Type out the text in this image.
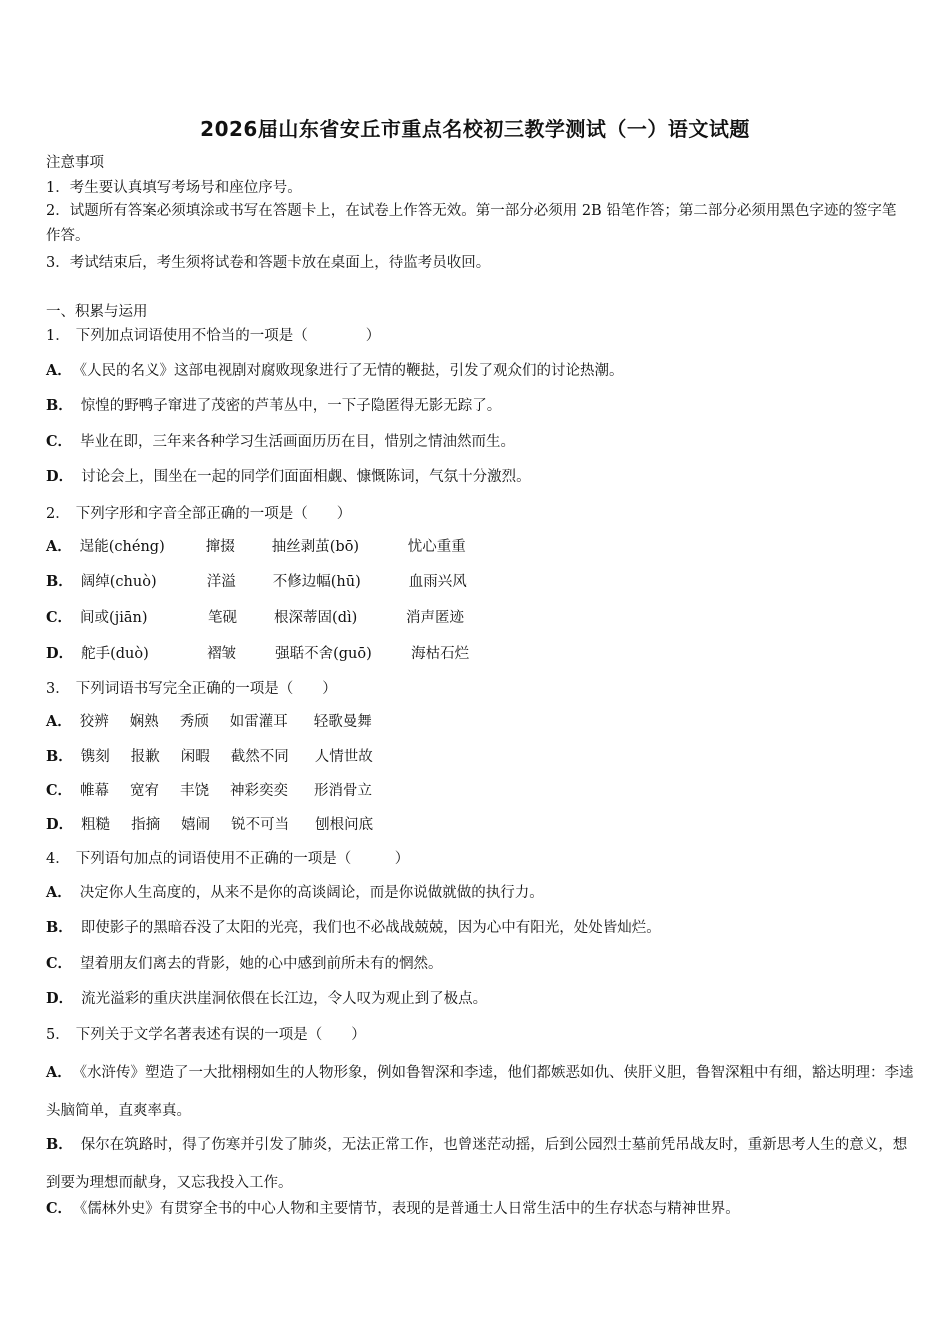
2026届山东省安丘市重点名校初三教学测试（一）语文试题
注意事项
1．考生要认真填写考场号和座位序号。
2．试题所有答案必须填涂或书写在答题卡上，在试卷上作答无效。第一部分必须用 2B 铅笔作答；第二部分必须用黑色字迹的签字笔作答。
3．考试结束后，考生须将试卷和答题卡放在桌面上，待监考员收回。
一、积累与运用
1． 下列加点词语使用不恰当的一项是（　　　　）
A． 《人民的名义》这部电视剧对腐败现象进行了无情的鞭挞，引发了观众们的讨论热潮。
B． 惊惶的野鸭子窜进了茂密的芦苇丛中，一下子隐匿得无影无踪了。
C． 毕业在即，三年来各种学习生活画面历历在目，惜别之情油然而生。
D． 讨论会上，围坐在一起的同学们面面相觑、慷慨陈词，气氛十分激烈。
2． 下列字形和字音全部正确的一项是（　　）
A． 逞能(chéng)	撺掇	抽丝剥茧(bō)	忧心重重
B． 阔绰(chuò)	洋溢	不修边幅(hū)	血雨兴风
C． 间或(jiān)	笔砚	根深蒂固(dì)	消声匿迹
D． 舵手(duò)	褶皱	强聒不舍(guō)	海枯石烂
3． 下列词语书写完全正确的一项是（　　）
A． 狡辨 娴熟 秀颀 如雷灌耳 轻歌曼舞
B． 镌刻 报歉 闲暇 截然不同 人情世故
C． 帷幕 宽宥 丰饶 神彩奕奕 形消骨立
D． 粗糙 指摘 嬉闹 锐不可当 刨根问底
4． 下列语句加点的词语使用不正确的一项是（　　　）
A． 决定你人生高度的，从来不是你的高谈阔论，而是你说做就做的执行力。
B． 即使影子的黑暗吞没了太阳的光亮，我们也不必战战兢兢，因为心中有阳光，处处皆灿烂。
C． 望着朋友们离去的背影，她的心中感到前所未有的惘然。
D． 流光溢彩的重庆洪崖洞依偎在长江边，令人叹为观止到了极点。
5． 下列关于文学名著表述有误的一项是（　　）
A． 《水浒传》塑造了一大批栩栩如生的人物形象，例如鲁智深和李逵，他们都嫉恶如仇、侠肝义胆，鲁智深粗中有细，豁达明理：李逵头脑简单，直爽率真。
B． 保尔在筑路时，得了伤寒并引发了肺炎，无法正常工作，也曾迷茫动摇，后到公园烈士墓前凭吊战友时，重新思考人生的意义，想到要为理想而献身，又忘我投入工作。
C． 《儒林外史》有贯穿全书的中心人物和主要情节，表现的是普通士人日常生活中的生存状态与精神世界。
